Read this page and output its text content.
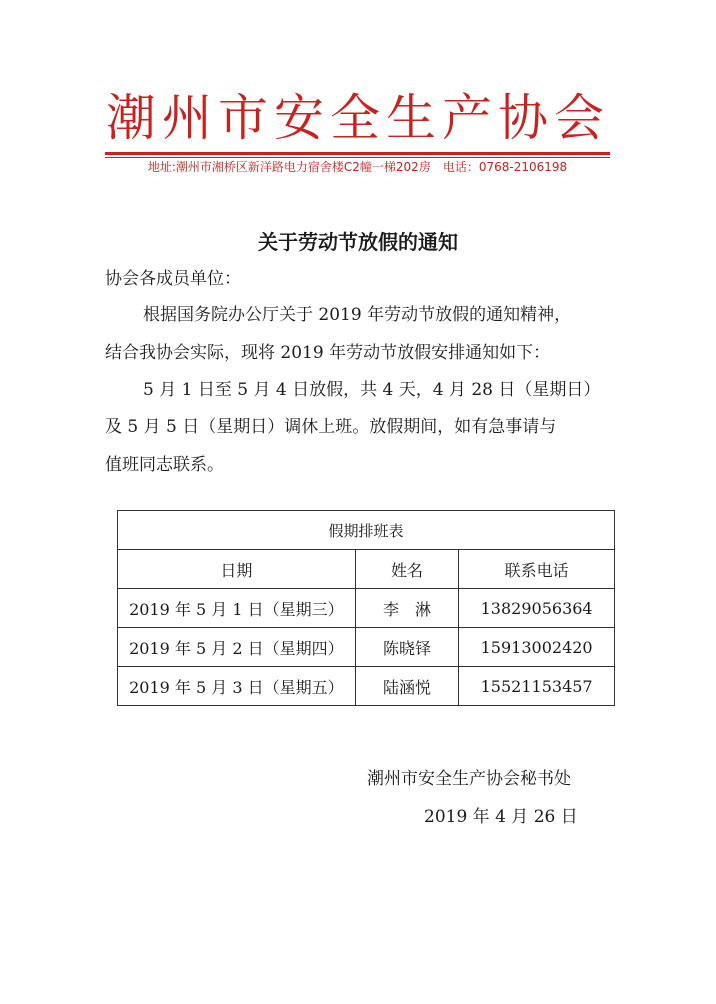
潮州市安全生产协会
地址:潮州市湘桥区新洋路电力宿舍楼C2幢一梯202房　电话：0768-2106198
关于劳动节放假的通知
协会各成员单位：
根据国务院办公厅关于 2019 年劳动节放假的通知精神，
结合我协会实际，现将 2019 年劳动节放假安排通知如下：
5 月 1 日至 5 月 4 日放假，共 4 天，4 月 28 日（星期日）
及 5 月 5 日（星期日）调休上班。放假期间，如有急事请与
值班同志联系。
假期排班表		
日期	姓名	联系电话
2019 年 5 月 1 日（星期三）	李　淋	13829056364
2019 年 5 月 2 日（星期四）	陈晓铎	15913002420
2019 年 5 月 3 日（星期五）	陆涵悦	15521153457
潮州市安全生产协会秘书处
2019 年 4 月 26 日
